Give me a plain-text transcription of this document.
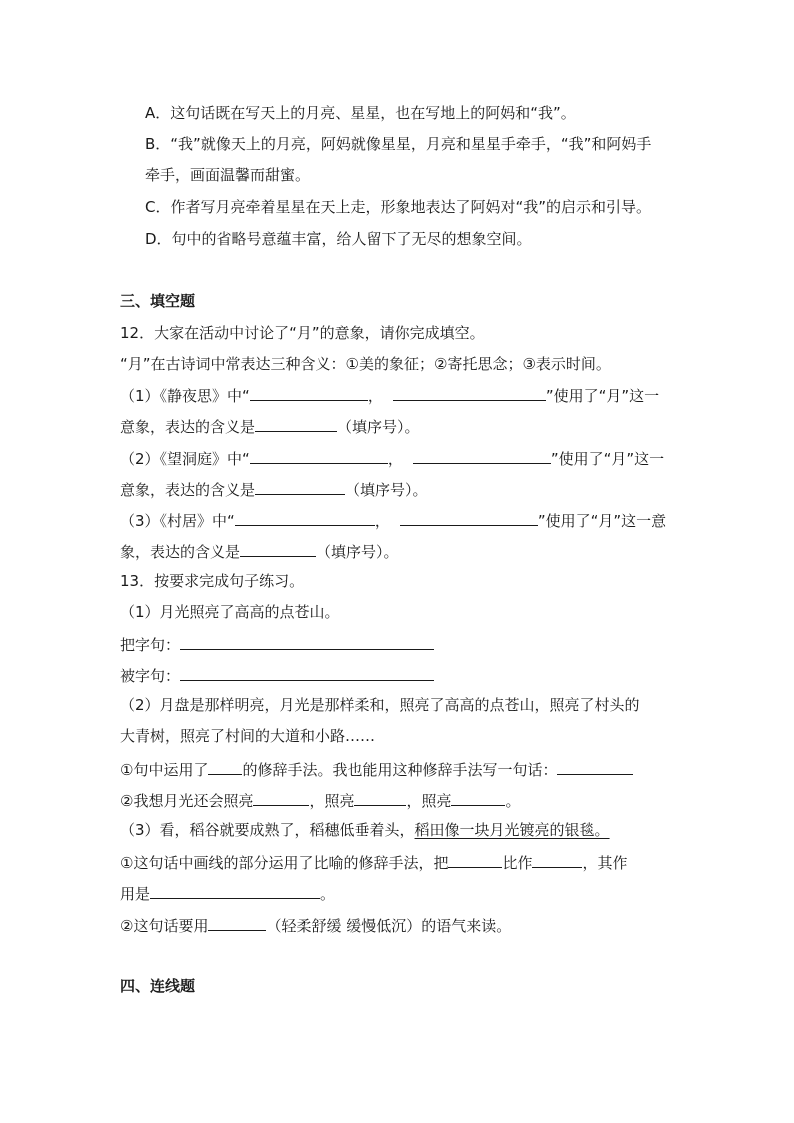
A．这句话既在写天上的月亮、星星，也在写地上的阿妈和“我”。
B．“我”就像天上的月亮，阿妈就像星星，月亮和星星手牵手，“我”和阿妈手
牵手，画面温馨而甜蜜。
C．作者写月亮牵着星星在天上走，形象地表达了阿妈对“我”的启示和引导。
D．句中的省略号意蕴丰富，给人留下了无尽的想象空间。
三、填空题
12．大家在活动中讨论了“月”的意象，请你完成填空。
“月”在古诗词中常表达三种含义：①美的象征；②寄托思念；③表示时间。
（1）《静夜思》中“	，	”使用了“月”这一
意象，表达的含义是	（填序号）。
（2）《望洞庭》中“	，	”使用了“月”这一
意象，表达的含义是	（填序号）。
（3）《村居》中“	，	”使用了“月”这一意
象，表达的含义是	（填序号）。
13．按要求完成句子练习。
（1）月光照亮了高高的点苍山。
把字句：
被字句：
（2）月盘是那样明亮，月光是那样柔和，照亮了高高的点苍山，照亮了村头的
大青树，照亮了村间的大道和小路……
①句中运用了 的修辞手法。我也能用这种修辞手法写一句话：
②我想月光还会照亮	，照亮	，照亮	。
（3）看，稻谷就要成熟了，稻穗低垂着头，稻田像一块月光镀亮的银毯。
①这句话中画线的部分运用了比喻的修辞手法，把	比作	，其作
用是	。
②这句话要用	（轻柔舒缓 缓慢低沉）的语气来读。
四、连线题
